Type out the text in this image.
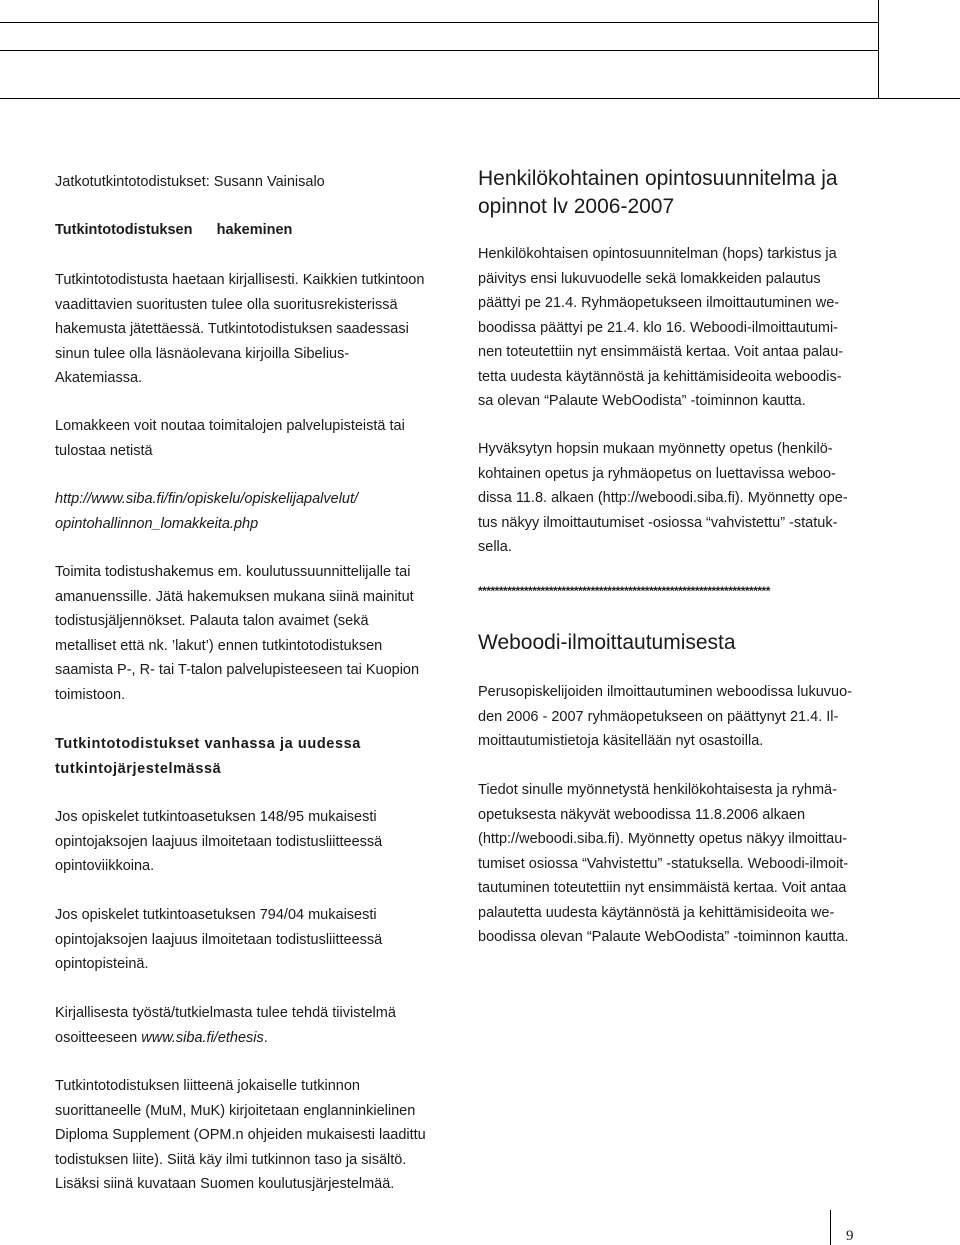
Jatkotutkintotodistukset: Susann Vainisalo

Tutkintotodistuksen      hakeminen

Tutkintotodistusta haetaan kirjallisesti. Kaikkien tutkintoon
vaadittavien suoritusten tulee olla suoritusrekisterissä
hakemusta jätettäessä. Tutkintotodistuksen saadessasi
sinun tulee olla läsnäolevana kirjoilla Sibelius-
Akatemiassa.
Lomakkeen voit noutaa toimitalojen palvelupisteistä tai
tulostaa netistä
http://www.siba.fi/fin/opiskelu/opiskelijapalvelut/
opintohallinnon_lomakkeita.php
Toimita todistushakemus em. koulutussuunnittelijalle tai
amanuenssille. Jätä hakemuksen mukana siinä mainitut
todistusjäljennökset. Palauta talon avaimet (sekä
metalliset että nk. ’lakut’) ennen tutkintotodistuksen
saamista P-, R- tai T-talon palvelupisteeseen tai Kuopion
toimistoon.
Tutkintotodistukset vanhassa ja uudessa
tutkintojärjestelmässä
Jos opiskelet tutkintoasetuksen 148/95 mukaisesti
opintojaksojen laajuus ilmoitetaan todistusliitteessä
opintoviikkoina.
Jos opiskelet tutkintoasetuksen 794/04 mukaisesti
opintojaksojen laajuus ilmoitetaan todistusliitteessä
opintopisteinä.
Kirjallisesta työstä/tutkielmasta tulee tehdä tiivistelmä
osoitteeseen www.siba.fi/ethesis.
Tutkintotodistuksen liitteenä jokaiselle tutkinnon
suorittaneelle (MuM, MuK) kirjoitetaan englanninkielinen
Diploma Supplement (OPM.n ohjeiden mukaisesti laadittu
todistuksen liite). Siitä käy ilmi tutkinnon taso ja sisältö.
Lisäksi siinä kuvataan Suomen koulutusjärjestelmää.
Henkilökohtainen opintosuunnitelma ja
opinnot lv 2006-2007
Henkilökohtaisen opintosuunnitelman (hops) tarkistus ja
päivitys ensi lukuvuodelle sekä lomakkeiden palautus
päättyi pe 21.4. Ryhmäopetukseen ilmoittautuminen we-
boodissa päättyi pe 21.4. klo 16. Weboodi-ilmoittautumi-
nen toteutettiin nyt ensimmäistä kertaa. Voit antaa palau-
tetta uudesta käytännöstä ja kehittämisideoita weboodis-
sa olevan “Palaute WebOodista” -toiminnon kautta.
Hyväksytyn hopsin mukaan myönnetty opetus (henkilö-
kohtainen opetus ja ryhmäopetus on luettavissa weboo-
dissa 11.8. alkaen (http://weboodi.siba.fi). Myönnetty ope-
tus näkyy ilmoittautumiset -osiossa “vahvistettu” -statuk-
sella.
**********************************************************************
Weboodi-ilmoittautumisesta
Perusopiskelijoiden ilmoittautuminen weboodissa lukuvuo-
den 2006 - 2007 ryhmäopetukseen on päättynyt 21.4. Il-
moittautumistietoja käsitellään nyt osastoilla.
Tiedot sinulle myönnetystä henkilökohtaisesta ja ryhmä-
opetuksesta näkyvät weboodissa 11.8.2006 alkaen
(http://weboodi.siba.fi). Myönnetty opetus näkyy ilmoittau-
tumiset osiossa “Vahvistettu” -statuksella. Weboodi-ilmoit-
tautuminen toteutettiin nyt ensimmäistä kertaa. Voit antaa
palautetta uudesta käytännöstä ja kehittämisideoita we-
boodissa olevan “Palaute WebOodista” -toiminnon kautta.
9
